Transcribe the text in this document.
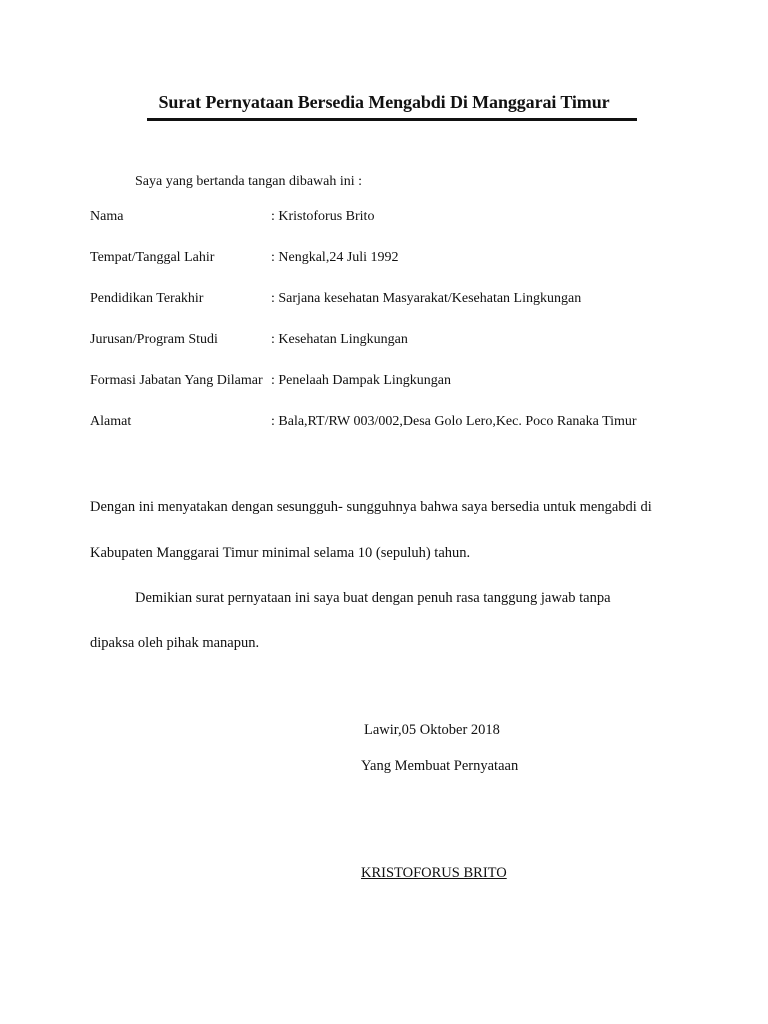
Surat Pernyataan Bersedia Mengabdi Di Manggarai Timur
Saya yang bertanda tangan dibawah ini :
Nama	: Kristoforus Brito
Tempat/Tanggal Lahir	: Nengkal,24 Juli 1992
Pendidikan Terakhir	: Sarjana kesehatan Masyarakat/Kesehatan Lingkungan
Jurusan/Program Studi	: Kesehatan Lingkungan
Formasi Jabatan Yang Dilamar : Penelaah Dampak Lingkungan
Alamat	: Bala,RT/RW 003/002,Desa Golo Lero,Kec. Poco Ranaka Timur
Dengan ini menyatakan dengan sesungguh- sungguhnya bahwa saya bersedia untuk mengabdi di
Kabupaten Manggarai Timur minimal selama 10 (sepuluh) tahun.
Demikian surat pernyataan ini saya buat dengan penuh rasa tanggung jawab tanpa
dipaksa oleh pihak manapun.
Lawir,05 Oktober 2018
Yang Membuat Pernyataan
KRISTOFORUS BRITO
